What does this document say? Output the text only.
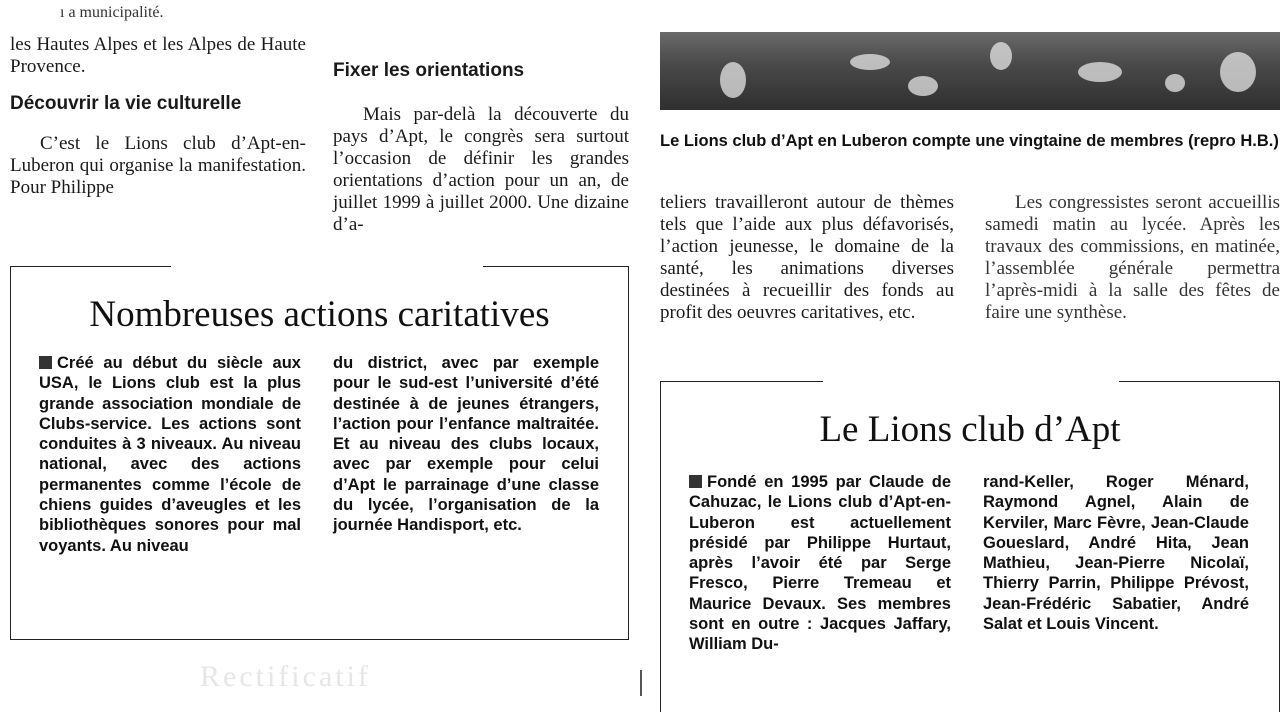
ı a municipalité.

les Hautes Alpes et les Alpes de Haute Provence.

Découvrir la vie culturelle

C’est le Lions club d’Apt-en-Luberon qui organise la manifestation. Pour Philippe

Fixer les orientations

Mais par-delà la découverte du pays d’Apt, le congrès sera surtout l’occasion de définir les grandes orientations d’action pour un an, de juillet 1999 à juillet 2000. Une dizaine d’a-

Nombreuses actions caritatives

Créé au début du siècle aux USA, le Lions club est la plus grande association mondiale de Clubs-service. Les actions sont conduites à 3 niveaux. Au niveau national, avec des actions permanentes comme l’école de chiens guides d’aveugles et les bibliothèques sonores pour mal voyants. Au niveau

du district, avec par exemple pour le sud-est l’université d’été destinée à de jeunes étrangers, l’action pour l’enfance maltraitée. Et au niveau des clubs locaux, avec par exemple pour celui d’Apt le parrainage d’une classe du lycée, l’organisation de la journée Handisport, etc.

Rectificatif
Le Lions club d’Apt en Luberon compte une vingtaine de membres (repro H.B.)

teliers travailleront autour de thèmes tels que l’aide aux plus défavorisés, l’action jeunesse, le domaine de la santé, les animations diverses destinées à recueillir des fonds au profit des oeuvres caritatives, etc.

Les congressistes seront accueillis samedi matin au lycée. Après les travaux des commissions, en matinée, l’assemblée générale permettra l’après-midi à la salle des fêtes de faire une synthèse.

Le Lions club d’Apt

Fondé en 1995 par Claude de Cahuzac, le Lions club d’Apt-en-Luberon est actuellement présidé par Philippe Hurtaut, après l’avoir été par Serge Fresco, Pierre Tremeau et Maurice Devaux. Ses membres sont en outre : Jacques Jaffary, William Du-

rand-Keller, Roger Ménard, Raymond Agnel, Alain de Kerviler, Marc Fèvre, Jean-Claude Goueslard, André Hita, Jean Mathieu, Jean-Pierre Nicolaï, Thierry Parrin, Philippe Prévost, Jean-Frédéric Sabatier, André Salat et Louis Vincent.
